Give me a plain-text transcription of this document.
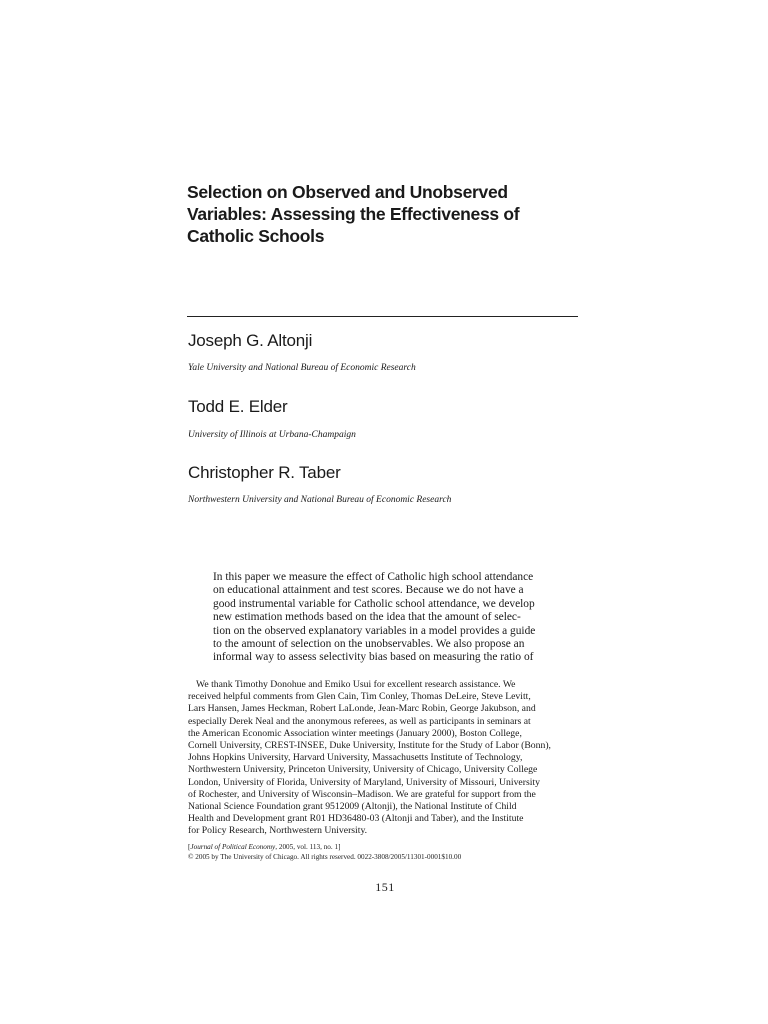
Selection on Observed and Unobserved
Variables: Assessing the Effectiveness of
Catholic Schools
Joseph G. Altonji
Yale University and National Bureau of Economic Research
Todd E. Elder
University of Illinois at Urbana-Champaign
Christopher R. Taber
Northwestern University and National Bureau of Economic Research
In this paper we measure the effect of Catholic high school attendance
on educational attainment and test scores. Because we do not have a
good instrumental variable for Catholic school attendance, we develop
new estimation methods based on the idea that the amount of selec-
tion on the observed explanatory variables in a model provides a guide
to the amount of selection on the unobservables. We also propose an
informal way to assess selectivity bias based on measuring the ratio of
We thank Timothy Donohue and Emiko Usui for excellent research assistance. We
received helpful comments from Glen Cain, Tim Conley, Thomas DeLeire, Steve Levitt,
Lars Hansen, James Heckman, Robert LaLonde, Jean-Marc Robin, George Jakubson, and
especially Derek Neal and the anonymous referees, as well as participants in seminars at
the American Economic Association winter meetings (January 2000), Boston College,
Cornell University, CREST-INSEE, Duke University, Institute for the Study of Labor (Bonn),
Johns Hopkins University, Harvard University, Massachusetts Institute of Technology,
Northwestern University, Princeton University, University of Chicago, University College
London, University of Florida, University of Maryland, University of Missouri, University
of Rochester, and University of Wisconsin–Madison. We are grateful for support from the
National Science Foundation grant 9512009 (Altonji), the National Institute of Child
Health and Development grant R01 HD36480-03 (Altonji and Taber), and the Institute
for Policy Research, Northwestern University.
[Journal of Political Economy, 2005, vol. 113, no. 1]
© 2005 by The University of Chicago. All rights reserved. 0022-3808/2005/11301-0001$10.00
151
